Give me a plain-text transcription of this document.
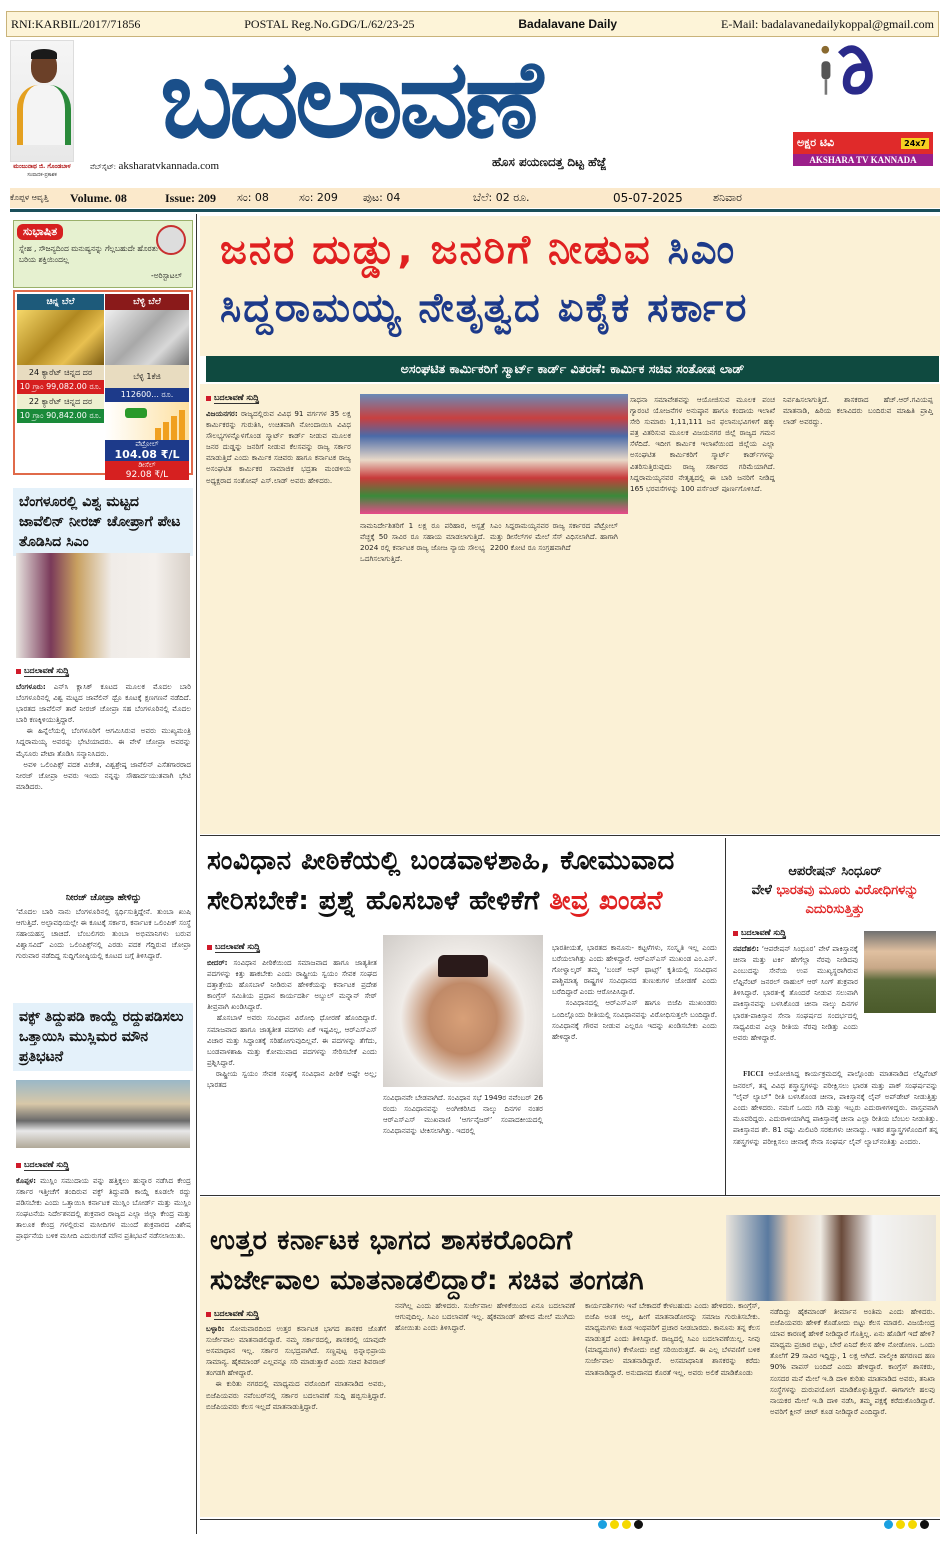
RNI:KARBIL/2017/71856	POSTAL Reg.No.GDG/L/62/23-25	Badalavane Daily	E-Mail: badalavanedailykoppal@gmail.com
ಮಂಜುನಾಥ ಜಿ. ಗೊಂಡಬಾಳ
ಸಂಪಾದಕ-ಪ್ರಕಾಶಕ
ಬದಲಾವಣೆ
ವೆಬ್‌ಸೈಟ್: aksharatvkannada.com	ಹೊಸ ಪಯಣದತ್ತ ದಿಟ್ಟ ಹೆಜ್ಜೆ
ಅಕ್ಷರ ಟಿವಿ	24x7
AKSHARA TV KANNADA
ಕೊಪ್ಪಳ ಆವೃತ್ತಿ	Volume. 08	Issue: 209	ಸಂ: 08	ಸಂ: 209	ಪುಟ: 04	ಬೆಲೆ: 02 ರೂ.	05-07-2025	ಶನಿವಾರ
ಸುಭಾಷಿತ
ಸ್ನೇಹ , ಸೌಜನ್ಯದಿಂದ ಮನುಷ್ಯನನ್ನು ಗೆಲ್ಲಬಹುದೇ ಹೊರತು ಬರಿಯ ಶಕ್ತಿಯಿಂದಲ್ಲ
-ಅರಿಸ್ಟಾಟಲ್
ಚಿನ್ನ ಬೆಲೆ
24 ಕ್ಯಾರೆಟ್ ಚಿನ್ನದ ದರ
10 ಗ್ರಾಂ 99,082.00 ರೂ.
22 ಕ್ಯಾರೆಟ್ ಚಿನ್ನದ ದರ
10 ಗ್ರಾಂ 90,842.00 ರೂ.
ಬೆಳ್ಳಿ ಬೆಲೆ
ಬೆಳ್ಳಿ 1ಕೆಜಿ
112600... ರೂ.
ಪೆಟ್ರೋಲ್
104.08 ₹/L
ಡೀಸೆಲ್
92.08 ₹/L
ಜನರ ದುಡ್ಡು, ಜನರಿಗೆ ನೀಡುವ ಸಿಎಂ
ಸಿದ್ದರಾಮಯ್ಯ ನೇತೃತ್ವದ ಏಕೈಕ ಸರ್ಕಾರ
ಅಸಂಘಟಿತ ಕಾರ್ಮಿಕರಿಗೆ ಸ್ಮಾರ್ಟ್ ಕಾರ್ಡ್ ವಿತರಣೆ: ಕಾರ್ಮಿಕ ಸಚಿವ ಸಂತೋಷ ಲಾಡ್
ಬದಲಾವಣೆ ಸುದ್ದಿ
ವಿಜಯನಗರ: ರಾಜ್ಯದಲ್ಲಿರುವ ವಿವಿಧ 91 ವರ್ಗಗಳ 35 ಲಕ್ಷ ಕಾರ್ಮಿಕರನ್ನು ಗುರುತಿಸಿ, ಉಚಿತವಾಗಿ ನೋಂದಾಯಿಸಿ ವಿವಿಧ ಸೌಲಭ್ಯಗಳನ್ನೊಳಗೊಂಡ ಸ್ಮಾರ್ಟ್ ಕಾರ್ಡ್ ನೀಡುವ ಮೂಲಕ ಜನರ ದುಡ್ಡನ್ನು ಜನರಿಗೆ ನೀಡುವ ಕೆಲಸವನ್ನು ರಾಜ್ಯ ಸರ್ಕಾರ ಮಾಡುತ್ತಿದೆ ಎಂದು ಕಾರ್ಮಿಕ ಸಚಿವರು ಹಾಗೂ ಕರ್ನಾಟಕ ರಾಜ್ಯ ಅಸಂಘಟಿತ ಕಾರ್ಮಿಕರ ಸಾಮಾಜಿಕ ಭದ್ರತಾ ಮಂಡಳಿಯ ಅಧ್ಯಕ್ಷರಾದ ಸಂತೋಷ್ ಎಸ್.ಲಾಡ್ ಅವರು ಹೇಳಿದರು.
ನಾಮನಿರ್ದೇಶಿತರಿಗೆ 1 ಲಕ್ಷ ರೂ ಪರಿಹಾರ, ಅಸ್ಪತ್ರೆ ವೆಚ್ಚಕ್ಕೆ 50 ಸಾವಿರ ರೂ ಸಹಾಯ ಮಾಡಲಾಗುತ್ತಿದೆ. 2024 ರಲ್ಲಿ ಕರ್ನಾಟಕ ರಾಜ್ಯ ಜೋಜ ನ್ಯಾಯ ಸೌಲಭ್ಯ ಒದಗಿಸಲಾಗುತ್ತಿದೆ.
ಸಿಎಂ ಸಿದ್ದರಾಮಯ್ಯನವರ ರಾಜ್ಯ ಸರ್ಕಾರದ ಪೆಟ್ರೋಲ್ ಮತ್ತು ಡೀಸೆಲ್‌ಗಳ ಮೇಲೆ ಸೆಸ್ ವಿಧಿಸಲಾಗಿದೆ. ಹಾಗಾಗಿ 2200 ಕೋಟಿ ರೂ ಸಂಗ್ರಹವಾಗಿದೆ
ಸಾಧನಾ ಸಮಾವೇಶವನ್ನು ಆಯೋಜಿಸುವ ಮೂಲಕ ಪಂಚ ಗ್ಯಾರಂಟಿ ಯೋಜನೆಗಳ ಅನುಷ್ಠಾನ ಹಾಗೂ ಕಂದಾಯ ಇಲಾಖೆ ಸೇರಿ ಸುಮಾರು 1,11,111 ಜನ ಫಲಾನುಭವಿಗಳಿಗೆ ಹಕ್ಕು ಪತ್ರ ವಿತರಿಸುವ ಮೂಲಕ ವಿಜಯನಗರ ಜಿಲ್ಲೆ ರಾಜ್ಯದ ಗಮನ ಸೆಳೆದಿದೆ. ಇದೀಗ ಕಾರ್ಮಿಕ ಇಲಾಖೆಯಿಂದ ಜಿಲ್ಲೆಯ ಎಲ್ಲಾ ಅಸಂಘಟಿತ ಕಾರ್ಮಿಕರಿಗೆ ಸ್ಮಾರ್ಟ್ ಕಾರ್ಡ್‌ಗಳನ್ನು ವಿತರಿಸುತ್ತಿರುವುದು ರಾಜ್ಯ ಸರ್ಕಾರದ ಗರಿಮೆಯಾಗಿದೆ. ಸಿದ್ದರಾಮಯ್ಯನವರ ನೇತೃತ್ವದಲ್ಲಿ ಈ ಬಾರಿ ಜನರಿಗೆ ನೀಡಿದ್ದ 165 ಭರವಸೆಗಳನ್ನು 100 ಪರ್ಸೆಂಟ್ ಪೂರ್ಣಗೊಳಿಸಿದೆ.
ನಿರ್ವಹಿಸಲಾಗುತ್ತಿದೆ. ಶಾಸಕರಾದ ಹೆಚ್.ಆರ್.ಗವಿಯಪ್ಪ ಮಾತನಾಡಿ, ಹಿರಿಯ ಕಲಾವಿದರು ಬಂದಿರುವ ಮಾಹಿತಿ ಪ್ರಾಪ್ತಿ ಲಾಡ್ ಅವರದ್ದು.
ಬೆಂಗಳೂರಲ್ಲಿ ವಿಶ್ವ ಮಟ್ಟದ ಜಾವೆಲಿನ್ ನೀರಜ್ ಚೋಪ್ರಾಗೆ ಪೇಟ ತೊಡಿಸಿದ ಸಿಎಂ
ಬದಲಾವಣೆ ಸುದ್ದಿ
ಬೆಂಗಳೂರು: ಎನ್‌ಸಿ ಕ್ಲಾಸಿಕ್ ಕೂಟದ ಮೂಲಕ ಮೊದಲ ಬಾರಿ ಬೆಂಗಳೂರಿನಲ್ಲಿ ವಿಶ್ವ ಮಟ್ಟದ ಜಾವೆಲಿನ್ ಥ್ರೊ ಕೂಟಕ್ಕೆ ಕ್ಷಣಗಣನೆ ನಡೆದಿದೆ. ಭಾರತದ ಜಾವೆಲಿನ್ ತಾರೆ ನೀರಜ್ ಚೋಪ್ರಾ ಸಹ ಬೆಂಗಳೂರಿನಲ್ಲಿ ಮೊದಲ ಬಾರಿ ಕಣಕ್ಕಿಳಿಯುತ್ತಿದ್ದಾರೆ.
ಈ ಹಿನ್ನೆಲೆಯಲ್ಲಿ ಬೆಂಗಳೂರಿಗೆ ಆಗಮಿಸಿರುವ ಅವರು ಮುಖ್ಯಮಂತ್ರಿ ಸಿದ್ದರಾಮಯ್ಯ ಅವರನ್ನು ಭೇಟಿಯಾದರು. ಈ ವೇಳೆ ಚೋಪ್ರಾ ಅವರನ್ನು ಮೈಸೂರು ಪೇಟಾ ತೊಡಿಸಿ ಸನ್ಮಾನಿಸಿದರು.
ಅವಳಿ ಒಲಿಂಪಿಕ್ಸ್ ಪದಕ ವಿಜೇತ, ವಿಶ್ವಶ್ರೇಷ್ಠ ಜಾವೆಲಿನ್ ಎಸೆತಗಾರರಾದ ನೀರಜ್ ಚೋಪ್ರಾ ಅವರು ಇಂದು ನನ್ನನ್ನು ಸೌಹಾರ್ದಯುತವಾಗಿ ಭೇಟಿ ಮಾಡಿದರು.
ನೀರಜ್ ಚೋಪ್ರಾ ಹೇಳಿದ್ದು
‘ಮೊದಲ ಬಾರಿ ನಾನು ಬೆಂಗಳೂರಿನಲ್ಲಿ ಸ್ಪರ್ಧಿಸುತ್ತಿದ್ದೇನೆ. ತುಂಬಾ ಖುಷಿ ಆಗುತ್ತಿದೆ. ಅಲ್ಪಾವಧಿಯಲ್ಲೇ ಈ ಕೂಟಕ್ಕೆ ಸರ್ಕಾರ, ಕರ್ನಾಟಕ ಒಲಿಂಪಿಕ್ ಸಂಸ್ಥೆ ಸಹಾಯಹಸ್ತ ಚಾಚಿದೆ. ಬೆಂಬಲಿಗರು ತುಂಬಾ ಅಭಿಮಾನಿಗಳು ಬರುವ ವಿಶ್ವಾಸವಿದೆ’ ಎಂದು ಒಲಿಂಪಿಕ್ಸ್‌ನಲ್ಲಿ ಎರಡು ಪದಕ ಗೆದ್ದಿರುವ ಚೋಪ್ರಾ ಗುರುವಾರ ನಡೆದಿದ್ದ ಸುದ್ದಿಗೋಷ್ಠಿಯಲ್ಲಿ ಕೂಟದ ಬಗ್ಗೆ ತಿಳಿಸಿದ್ದಾರೆ.
ವಕ್ಫ್ ತಿದ್ದುಪಡಿ ಕಾಯ್ದೆ ರದ್ದುಪಡಿಸಲು ಒತ್ತಾಯಿಸಿ ಮುಸ್ಲಿಮರ ಮೌನ ಪ್ರತಿಭಟನೆ
ಬದಲಾವಣೆ ಸುದ್ದಿ
ಕೊಪ್ಪಳ: ಮುಸ್ಲಿಂ ಸಮುದಾಯ ವನ್ನು ಹತ್ತಿಕ್ಕಲು ಹುನ್ನಾರ ನಡೆಸಿದ ಕೇಂದ್ರ ಸರ್ಕಾರ ಇತ್ತೀಚೆಗೆ ತಂದಿರುವ ವಕ್ಫ್ ತಿದ್ದುಪಡಿ ಕಾಯ್ದೆ ಕೂಡಲೇ ರದ್ದು ಪಡಿಸಬೇಕು ಎಂದು ಒತ್ತಾಯಿಸಿ ಕರ್ನಾಟಕ ಮುಸ್ಲಿಂ ಬೋರ್ಡ್ ಮತ್ತು ಮುಸ್ಲಿಂ ಸಂಘಟನೆಯ ನಿರ್ದೇಶನದಲ್ಲಿ ಶುಕ್ರವಾರ ರಾಜ್ಯದ ಎಲ್ಲಾ ಜಿಲ್ಲಾ ಕೇಂದ್ರ ಮತ್ತು ತಾಲೂಕ ಕೇಂದ್ರ ಗಳಲ್ಲಿರುವ ಮಸೀದಿಗಳ ಮುಂದೆ ಶುಕ್ರವಾರದ ವಿಶೇಷ ಪ್ರಾರ್ಥನೆಯ ಬಳಿಕ ಮಸೀದಿ ಎದುರುಗಡೆ ಮೌನ ಪ್ರತಿಭಟನೆ ನಡೆಸಲಾಯಿತು.
ಸಂವಿಧಾನ ಪೀಠಿಕೆಯಲ್ಲಿ ಬಂಡವಾಳಶಾಹಿ, ಕೋಮುವಾದ
ಸೇರಿಸಬೇಕೆ: ಪ್ರಶ್ನೆ ಹೊಸಬಾಳೆ ಹೇಳಿಕೆಗೆ ತೀವ್ರ ಖಂಡನೆ
ಬದಲಾವಣೆ ಸುದ್ದಿ
ಬೀದರ್: ಸಂವಿಧಾನ ಪೀಠಿಕೆಯಿಂದ ಸಮಾಜವಾದ ಹಾಗೂ ಜಾತ್ಯತೀತ ಪದಗಳನ್ನು ಕಿತ್ತು ಹಾಕಬೇಕು ಎಂದು ರಾಷ್ಟ್ರೀಯ ಸ್ವಯಂ ಸೇವಕ ಸಂಘದ ದತ್ತಾತ್ರೇಯ ಹೊಸಬಾಳೆ ನೀಡಿರುವ ಹೇಳಿಕೆಯನ್ನು ಕರ್ನಾಟಕ ಪ್ರದೇಶ ಕಾಂಗ್ರೆಸ್ ಸಮಿತಿಯ ಪ್ರಧಾನ ಕಾರ್ಯದರ್ಶಿ ಅಬ್ದುಲ್ ಮನ್ನಾನ್ ಸೇಠ್ ತೀವ್ರವಾಗಿ ಖಂಡಿಸಿದ್ದಾರೆ.
ಹೊಸಬಾಳೆ ಅವರು ಸಂವಿಧಾನ ವಿರೋಧಿ ಧೋರಣೆ ಹೊಂದಿದ್ದಾರೆ. ಸಮಾಜವಾದ ಹಾಗೂ ಜಾತ್ಯತೀತ ಪದಗಳು ಏಕೆ ಇಷ್ಟವಿಲ್ಲ, ಆರ್‌ಎಸ್‌ಎಸ್ ವಿಚಾರ ಮತ್ತು ಸಿದ್ಧಾಂತಕ್ಕೆ ಸರಿಹೋಗುವುದಿಲ್ಲವೆ. ಈ ಪದಗಳನ್ನು ತೆಗೆದು, ಬಂಡವಾಳಶಾಹಿ ಮತ್ತು ಕೋಮುವಾದ ಪದಗಳನ್ನು ಸೇರಿಸಬೇಕೆ ಎಂದು ಪ್ರಶ್ನಿಸಿದ್ದಾರೆ.
ರಾಷ್ಟ್ರೀಯ ಸ್ವಯಂ ಸೇವಕ ಸಂಘಕ್ಕೆ ಸಂವಿಧಾನ ಪೀಠಿಕೆ ಅಷ್ಟೇ ಅಲ್ಲ; ಭಾರತದ
ಸಂವಿಧಾನವೇ ಬೇಡವಾಗಿದೆ. ಸಂವಿಧಾನ ಸಭೆ 1949ರ ನವೆಂಬರ್ 26 ರಂದು ಸಂವಿಧಾನವನ್ನು ಅಂಗೀಕರಿಸಿದ ನಾಲ್ಕು ದಿನಗಳ ನಂತರ ಆರ್‌ಎಸ್‌ಎಸ್ ಮುಖವಾಣಿ ‘ಆರ್ಗನೈಜರ್’ ಸಂಪಾದಕೀಯದಲ್ಲಿ ಸಂವಿಧಾನವನ್ನು ಟೀಕಿಸಲಾಗಿತ್ತು. ಇದರಲ್ಲಿ
ಭಾರತೀಯತೆ, ಭಾರತದ ಕಾನೂನು- ಕಟ್ಟಳೆಗಳು, ಸಂಸ್ಕೃತಿ ಇಲ್ಲ ಎಂದು ಬರೆಯಲಾಗಿತ್ತು ಎಂದು ಹೇಳಿದ್ದಾರೆ. ಆರ್‌ಎಸ್‌ಎಸ್ ಮುಖಂಡ ಎಂ.ಎಸ್. ಗೋಳ್ವಾಲ್ಕರ್ ತಮ್ಮ ‘ಬಂಚ್ ಆಫ್ ಥಾಟ್ಸ್’ ಕೃತಿಯಲ್ಲಿ ಸಂವಿಧಾನ ಪಾಶ್ಚಿಮಾತ್ಯ ರಾಷ್ಟ್ರಗಳ ಸಂವಿಧಾನದ ತುಣುಕುಗಳ ಜೋಡಣೆ ಎಂದು ಬರೆದಿದ್ದಾರೆ ಎಂದು ಆರೋಪಿಸಿದ್ದಾರೆ.
ಸಂವಿಧಾನದಲ್ಲಿ ಆರ್‌ಎಸ್‌ಎಸ್ ಹಾಗೂ ಬಿಜೆಪಿ ಮುಖಂಡರು ಒಂದಿಲ್ಲೊಂದು ರೀತಿಯಲ್ಲಿ ಸಂವಿಧಾನವನ್ನು ವಿರೋಧಿಸುತ್ತಲೇ ಬಂದಿದ್ದಾರೆ. ಸಂವಿಧಾನಕ್ಕೆ ಗೌರವ ನೀಡುವ ಎಲ್ಲರೂ ಇದನ್ನು ಖಂಡಿಸಬೇಕು ಎಂದು ಹೇಳಿದ್ದಾರೆ.
ಆಪರೇಷನ್ ಸಿಂಧೂರ್
ವೇಳೆ ಭಾರತವು ಮೂರು ವಿರೋಧಿಗಳನ್ನು ಎದುರಿಸುತ್ತಿತ್ತು
ಬದಲಾವಣೆ ಸುದ್ದಿ
ನವದೆಹಲಿ: ‘ಆಪರೇಷನ್ ಸಿಂಧೂರ’ ವೇಳೆ ಪಾಕಿಸ್ತಾನಕ್ಕೆ ಚೀನಾ ಮತ್ತು ಟರ್ಕಿ ಹೇಗೆಲ್ಲಾ ನೆರವು ನೀಡಿದವು ಎಂಬುದನ್ನು ಸೇನೆಯ ಉಪ ಮುಖ್ಯಸ್ಥರಾಗಿರುವ ಲೆಫ್ಟಿನೆಂಟ್ ಜನರಲ್ ರಾಹುಲ್ ಆರ್ ಸಿಂಗ್ ಶುಕ್ರವಾರ ತಿಳಿಸಿದ್ದಾರೆ. ಭಾರತ-ಕ್ಕೆ ತೊಂದರೆ ನೀಡುವ ಸಲುವಾಗಿ ಪಾಕಿಸ್ತಾನವನ್ನು ಬಳಸಿಕೊಂಡ ಚೀನಾ ನಾಲ್ಕು ದಿನಗಳ ಭಾರತ-ಪಾಕಿಸ್ತಾನ ಸೇನಾ ಸಂಘರ್ಷದ ಸಂದರ್ಭದಲ್ಲಿ ಸಾಧ್ಯವಿರುವ ಎಲ್ಲಾ ರೀತಿಯ ನೆರವು ನೀಡಿತ್ತು ಎಂದು ಅವರು ಹೇಳಿದ್ದಾರೆ.
FICCI ಆಯೋಜಿಸಿದ್ದ ಕಾರ್ಯಕ್ರಮದಲ್ಲಿ ಪಾಲ್ಗೊಂಡು ಮಾತನಾಡಿದ ಲೆಫ್ಟಿನೆಂಟ್ ಜನರಲ್, ತನ್ನ ವಿವಿಧ ಶಸ್ತ್ರಾಸ್ತ್ರಗಳನ್ನು ಪರೀಕ್ಷಿಸಲು ಭಾರತ ಮತ್ತು ಪಾಕ್ ಸಂಘರ್ಷವನ್ನು "ಲೈವ್ ಲ್ಯಾಬ್" ರೀತಿ ಬಳಸಿಕೊಂಡ ಚೀನಾ, ಪಾಕಿಸ್ತಾನಕ್ಕೆ ಲೈವ್ ಅಪ್‌ಡೇಟ್ ನೀಡುತ್ತಿತ್ತು ಎಂದು ಹೇಳಿದರು. ನಮಗೆ ಒಂದು ಗಡಿ ಮತ್ತು ಇಬ್ಬರು ಎದುರಾಳಿಗಳಿದ್ದರು. ವಾಸ್ತವವಾಗಿ ಮೂವರಿದ್ದರು. ಎದುರಾಳಿಯಾಗಿದ್ದ ಪಾಕಿಸ್ತಾನಕ್ಕೆ ಚೀನಾ ಎಲ್ಲಾ ರೀತಿಯ ಬೆಂಬಲ ನೀಡುತಿತ್ತು. ಪಾಕಿಸ್ತಾನದ ಶೇ. 81 ರಷ್ಟು ಮಿಲಿಟರಿ ಸರಕುಗಳು ಚೀನಾದ್ದು. ಇತರ ಶಸ್ತ್ರಾಸ್ತ್ರಗಳೊಂದಿಗೆ ತನ್ನ ಸಶಸ್ತ್ರಗಳನ್ನು ಪರೀಕ್ಷಿಸಲು ಚೀನಾಕ್ಕೆ ಸೇನಾ ಸಂಘರ್ಷ ಲೈವ್ ಲ್ಯಾಬ್‌ನಂತಿತ್ತು ಎಂದರು.
ಉತ್ತರ ಕರ್ನಾಟಕ ಭಾಗದ ಶಾಸಕರೊಂದಿಗೆ
ಸುರ್ಜೇವಾಲ ಮಾತನಾಡಲಿದ್ದಾರೆ: ಸಚಿವ ತಂಗಡಗಿ
ಬದಲಾವಣೆ ಸುದ್ದಿ
ಬಳ್ಳಾರಿ: ಸೋಮವಾರದಿಂದ ಉತ್ತರ ಕರ್ನಾಟಕ ಭಾಗದ ಶಾಸಕರ ಜೊತೆಗೆ ಸುರ್ಜೇವಾಲ ಮಾತನಾಡಲಿದ್ದಾರೆ. ನಮ್ಮ ಸರ್ಕಾರದಲ್ಲಿ, ಶಾಸಕರಲ್ಲಿ ಯಾವುದೇ ಅಸಮಾಧಾನ ಇಲ್ಲ. ಸರ್ಕಾರ ಸುಭದ್ರವಾಗಿದೆ. ಸಣ್ಣಪುಟ್ಟ ಭಿನ್ನಾಭಿಪ್ರಾಯ ಸಾಮಾನ್ಯ. ಹೈಕಮಾಂಡ್ ಎಲ್ಲವನ್ನೂ ಸರಿ ಮಾಡುತ್ತಾರೆ ಎಂದು ಸಚಿವ ಶಿವರಾಜ್ ತಂಗಡಗಿ ಹೇಳಿದ್ದಾರೆ.
ಈ ಕುರಿತು ನಗರದಲ್ಲಿ ಮಾಧ್ಯಮದ ವರೊಂದಿಗೆ ಮಾತನಾಡಿದ ಅವರು, ಬಿಜೆಪಿಯವರು ನವೆಂಬರ್‌ನಲ್ಲಿ ಸರ್ಕಾರ ಬದಲಾವಣೆ ಸುದ್ದಿ ಹಬ್ಬಿಸುತ್ತಿದ್ದಾರೆ. ಬಿಜೆಪಿಯವರು ಕೆಲಸ ಇಲ್ಲದೆ ಮಾತನಾಡುತ್ತಿದ್ದಾರೆ.
ನನಗಿಲ್ಲ ಎಂದು ಹೇಳಿದರು. ಸುರ್ಜೇವಾಲ ಹೇಳಿಕೆಯಿಂದ ಏನೂ ಬದಲಾವಣೆ ಆಗುವುದಿಲ್ಲ. ಸಿಎಂ ಬದಲಾವಣೆ ಇಲ್ಲ. ಹೈಕಮಾಂಡ್ ಹೇಳಿದ ಮೇಲೆ ಮುಗಿದು ಹೋಯಿತು ಎಂದು ತಿಳಿಸಿದ್ದಾರೆ.
ಕಾರ್ಯದರ್ಶಿಗಳು ಇವೆ ಬೇಕಾದರೆ ಕೇಳಬಹುದು ಎಂದು ಹೇಳಿದರು. ಕಾಂಗ್ರೆಸ್, ಬಿಜೆಪಿ ಅಂತ ಅಲ್ಲ, ಹೀಗೆ ಮಾತನಾಡೋರನ್ನು ಸಮಾಜ ಗುರುತಿಸಬೇಕು. ಮಾಧ್ಯಮಗಳು ಕೂಡ ಇಂಥವರಿಗೆ ಪ್ರಚಾರ ನೀಡಬಾರದು. ಕಾನೂನು ತನ್ನ ಕೆಲಸ ಮಾಡುತ್ತದೆ ಎಂದು ತಿಳಿಸಿದ್ದಾರೆ. ರಾಜ್ಯದಲ್ಲಿ ಸಿಎಂ ಬದಲಾವಣೆಯಿಲ್ಲ. ನೀವು (ಮಾಧ್ಯಮಗಳ) ಕೇಳೋದು ಬಿಟ್ರೆ ಸರಿಯಿರುತ್ತದೆ. ಈ ಎಲ್ಲ ಬೆಳವಣಿಗೆ ಬಳಿಕ ಸುರ್ಜೇವಾಲ ಮಾತನಾಡಿದ್ದಾರೆ. ಅಸಮಾಧಾನಿತ ಶಾಸಕರನ್ನು ಕರೆದು ಮಾತನಾಡಿದ್ದಾರೆ. ಅನುದಾನದ ಕೊರತೆ ಇಲ್ಲ. ಅವರು ಅಲಿಕೆ ಮಾಡಿಕೊಂಡು
ನಡೆದಿದ್ದು ಹೈಕಮಾಂಡ್ ತೀರ್ಮಾನ ಅಂತಿಮ ಎಂದು ಹೇಳಿದರು. ಬಿಜೆಪಿಯವರು ಹೇಳಿಕೆ ಕೊಡೋದು ಬಿಟ್ಟು ಕೆಲಸ ಮಾಡಲಿ. ವಿಜಯೇಂದ್ರ ಯಾವ ಕಾರಣಕ್ಕೆ ಹೇಳಿಕೆ ನೀಡಿದ್ದಾರೆ ಗೊತ್ತಿಲ್ಲ. ಏನು ಹೊಡಿಗೆ ಇದೆ ಹೇಳಿ? ಮಾಧ್ಯಮ ಪ್ರಚಾರ ಬಿಟ್ಟು, ಬೇರೆ ಏನಿದೆ ಕೆಲಸ ಹೇಳಿ ನೋಡೋಣ. ಒಂದು ತೊಲೆಗೆ 29 ಸಾವಿರ ಇದ್ದಿದ್ದು, 1 ಲಕ್ಷ ಆಗಿದೆ. ವಾಲ್ಮೀಕಿ ಹಗರಣದ ಹಣ 90% ವಾಪಸ್ ಬಂದಿದೆ ಎಂದು ಹೇಳಿದ್ದಾರೆ. ಕಾಂಗ್ರೆಸ್ ಶಾಸಕರು, ಸಂಸದರ ಮನೆ ಮೇಲೆ ಇ.ಡಿ ದಾಳಿ ಕುರಿತು ಮಾತನಾಡಿದ ಅವರು, ತನಿಖಾ ಸಂಸ್ಥೆಗಳನ್ನು ದುರುಪಯೋಗ ಮಾಡಿಕೊಳ್ಳುತ್ತಿದ್ದಾರೆ. ಈಗಾಗಲೇ ಹಲವು ನಾಯಕರ ಮೇಲೆ ಇ.ಡಿ ದಾಳಿ ನಡೆಸಿ, ತಮ್ಮ ಪಕ್ಷಕ್ಕೆ ಕರೆದುಕೊಂಡಿದ್ದಾರೆ. ಅವರಿಗೆ ಕ್ಲೀನ್ ಚೀಟ್ ಕೂಡ ನೀಡಿದ್ದಾರೆ ಎಂದಿದ್ದಾರೆ.
